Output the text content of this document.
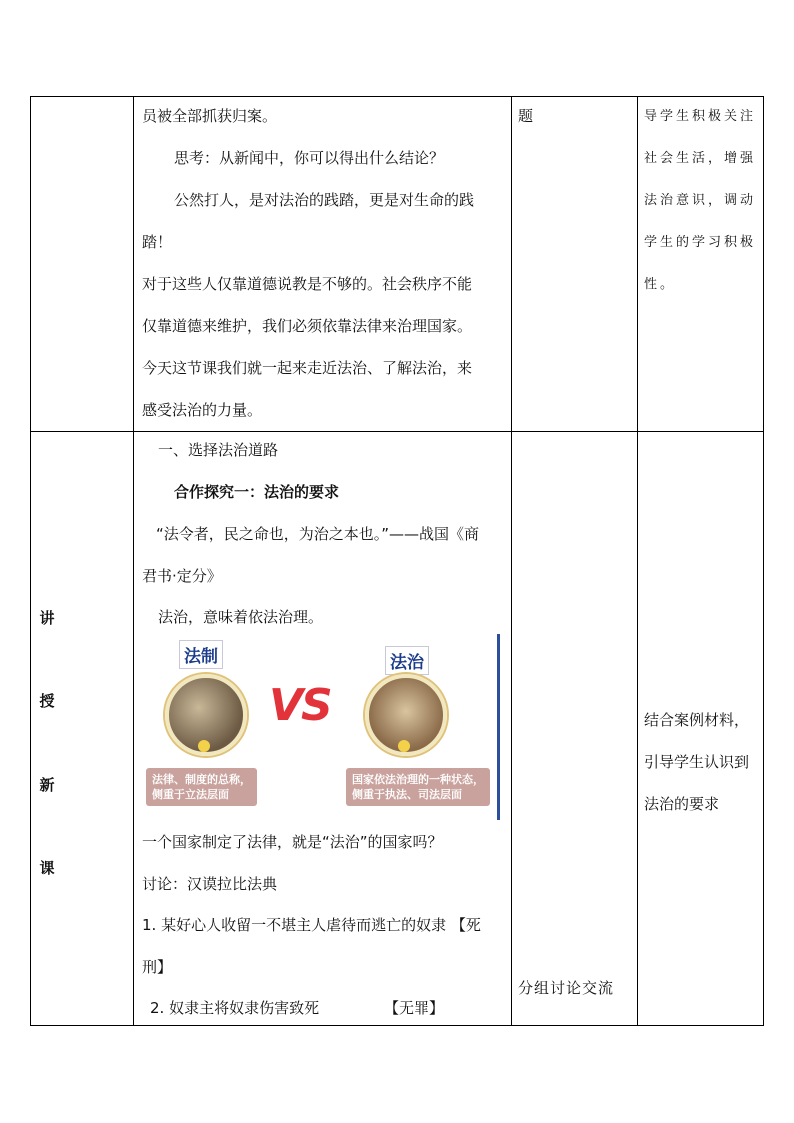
员被全部抓获归案。
思考：从新闻中，你可以得出什么结论？
公然打人，是对法治的践踏，更是对生命的践
踏！
对于这些人仅靠道德说教是不够的。社会秩序不能
仅靠道德来维护，我们必须依靠法律来治理国家。
今天这节课我们就一起来走近法治、了解法治，来
感受法治的力量。
题	导学生积极关注
社会生活，增强
法治意识，调动
学生的学习积极
性。
讲
授
新
课
一、选择法治道路
合作探究一：法治的要求
“法令者，民之命也，为治之本也。”——战国《商
君书·定分》
法治，意味着依法治理。
法制
VS
法治
法律、制度的总称，
侧重于立法层面
国家依法治理的一种状态，
侧重于执法、司法层面
一个国家制定了法律，就是“法治”的国家吗？
讨论：汉谟拉比法典
1. 某好心人收留一不堪主人虐待而逃亡的奴隶 【死
刑】
2. 奴隶主将奴隶伤害致死	【无罪】
分组讨论交流
结合案例材料，
引导学生认识到
法治的要求
